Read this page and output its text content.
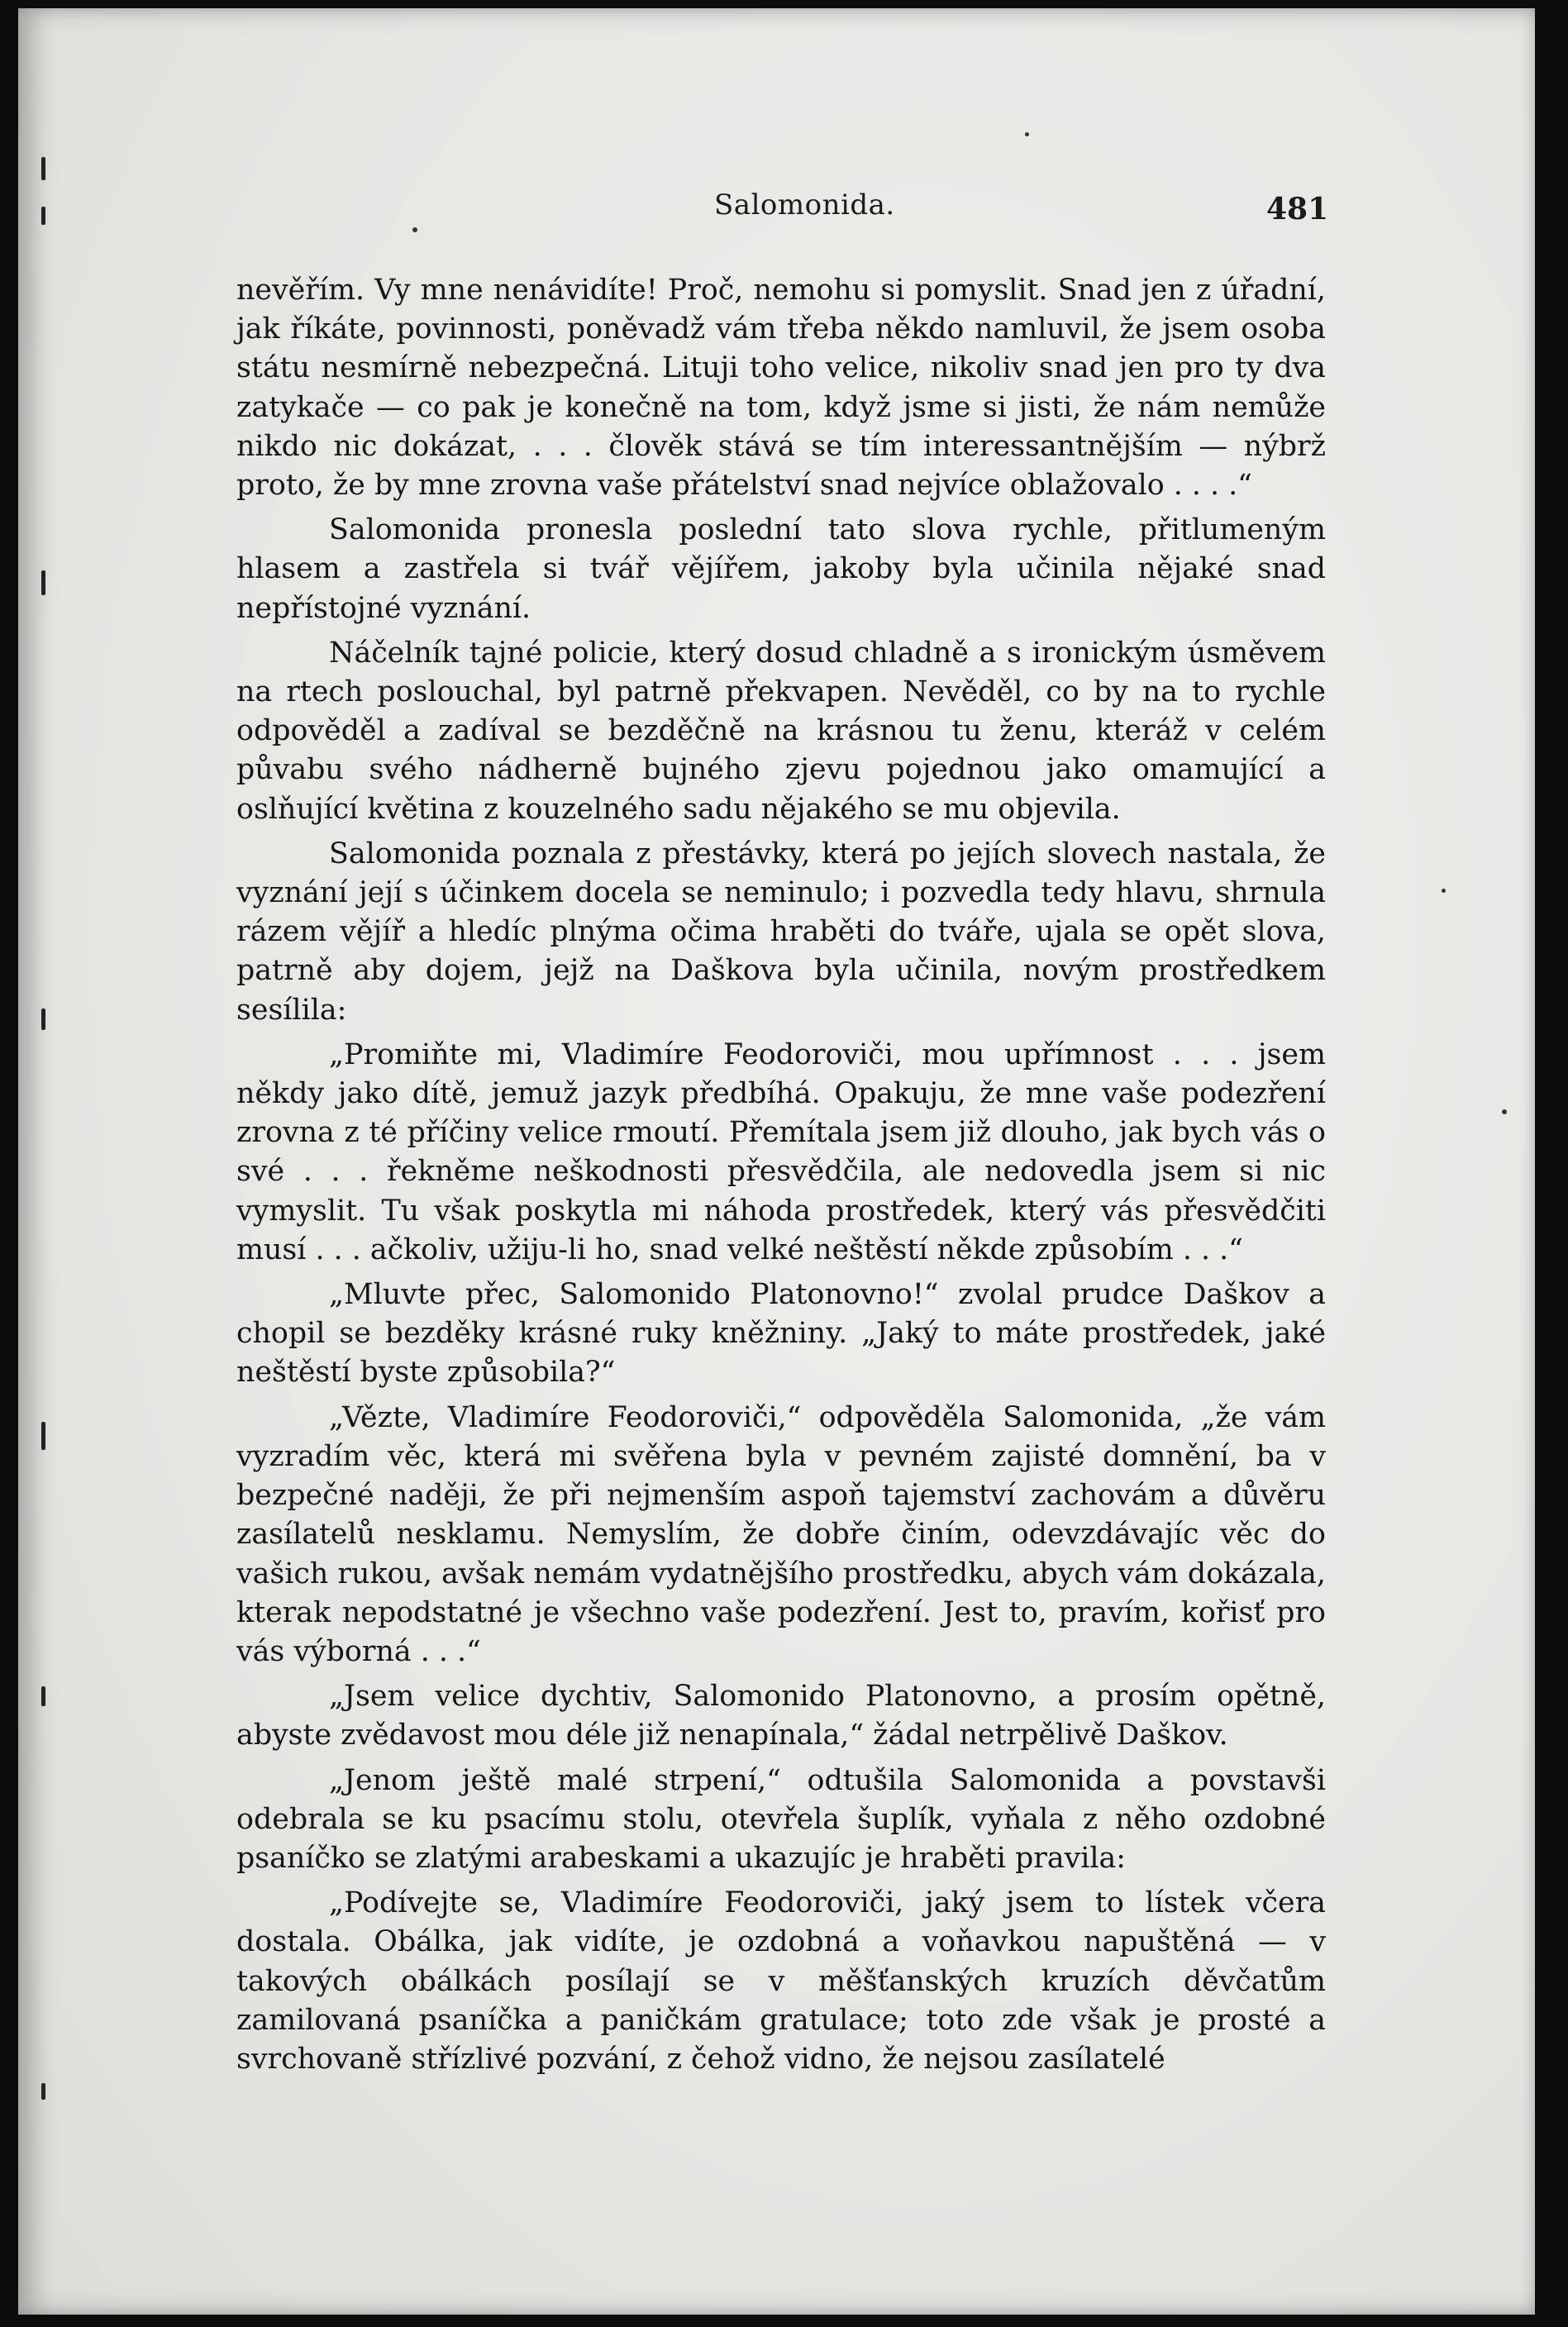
Salomonida.	481

nevěřím. Vy mne nenávidíte! Proč, nemohu si pomyslit. Snad jen z úřadní, jak říkáte, povinnosti, poněvadž vám třeba někdo namluvil, že jsem osoba státu nesmírně nebezpečná. Lituji toho velice, nikoliv snad jen pro ty dva zatykače — co pak je konečně na tom, když jsme si jisti, že nám nemůže nikdo nic dokázat, . . . člověk stává se tím interessantnějším — nýbrž proto, že by mne zrovna vaše přátelství snad nejvíce oblažovalo . . . .“

Salomonida pronesla poslední tato slova rychle, přitlumeným hlasem a zastřela si tvář vějířem, jakoby byla učinila nějaké snad nepřístojné vyznání.

Náčelník tajné policie, který dosud chladně a s ironickým úsměvem na rtech poslouchal, byl patrně překvapen. Nevěděl, co by na to rychle odpověděl a zadíval se bezděčně na krásnou tu ženu, kteráž v celém půvabu svého nádherně bujného zjevu pojednou jako omamující a oslňující květina z kouzelného sadu nějakého se mu objevila.

Salomonida poznala z přestávky, která po jejích slovech nastala, že vyznání její s účinkem docela se neminulo; i pozvedla tedy hlavu, shrnula rázem vějíř a hledíc plnýma očima hraběti do tváře, ujala se opět slova, patrně aby dojem, jejž na Daškova byla učinila, novým prostředkem sesílila:

„Promiňte mi, Vladimíre Feodoroviči, mou upřímnost . . . jsem někdy jako dítě, jemuž jazyk předbíhá. Opakuju, že mne vaše podezření zrovna z té příčiny velice rmoutí. Přemítala jsem již dlouho, jak bych vás o své . . . řekněme neškodnosti přesvědčila, ale nedovedla jsem si nic vymyslit. Tu však poskytla mi náhoda prostředek, který vás přesvědčiti musí . . . ačkoliv, užiju-li ho, snad velké neštěstí někde způsobím . . .“

„Mluvte přec, Salomonido Platonovno!“ zvolal prudce Daškov a chopil se bezděky krásné ruky kněžniny. „Jaký to máte prostředek, jaké neštěstí byste způsobila?“

„Vězte, Vladimíre Feodoroviči,“ odpověděla Salomonida, „že vám vyzradím věc, která mi svěřena byla v pevném zajisté domnění, ba v bezpečné naději, že při nejmenším aspoň tajemství zachovám a důvěru zasílatelů nesklamu. Nemyslím, že dobře činím, odevzdávajíc věc do vašich rukou, avšak nemám vydatnějšího prostředku, abych vám dokázala, kterak nepodstatné je všechno vaše podezření. Jest to, pravím, kořisť pro vás výborná . . .“

„Jsem velice dychtiv, Salomonido Platonovno, a prosím opětně, abyste zvědavost mou déle již nenapínala,“ žádal netrpělivě Daškov.

„Jenom ještě malé strpení,“ odtušila Salomonida a povstavši odebrala se ku psacímu stolu, otevřela šuplík, vyňala z něho ozdobné psaníčko se zlatými arabeskami a ukazujíc je hraběti pravila:

„Podívejte se, Vladimíre Feodoroviči, jaký jsem to lístek včera dostala. Obálka, jak vidíte, je ozdobná a voňavkou napuštěná — v takových obálkách posílají se v měšťanských kruzích děvčatům zamilovaná psaníčka a paničkám gratulace; toto zde však je prosté a svrchovaně střízlivé pozvání, z čehož vidno, že nejsou zasílatelé
